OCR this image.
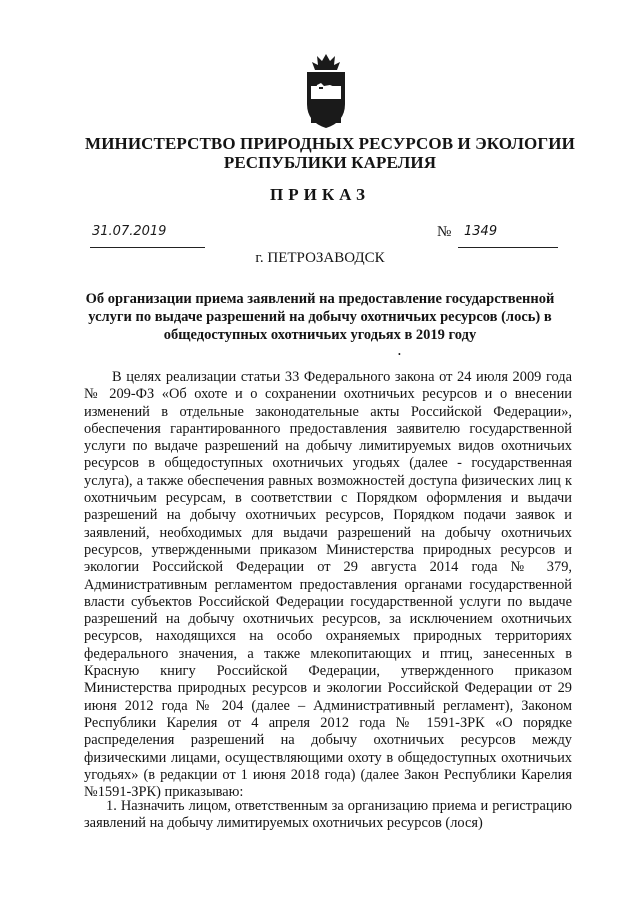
МИНИСТЕРСТВО ПРИРОДНЫХ РЕСУРСОВ И ЭКОЛОГИИ
РЕСПУБЛИКИ КАРЕЛИЯ
ПРИКАЗ
31.07.2019	№ 1349
г. ПЕТРОЗАВОДСК
Об организации приема заявлений на предоставление государственной
услуги по выдаче разрешений на добычу охотничьих ресурсов (лось) в
общедоступных охотничьих угодьях в 2019 году
•

В целях реализации статьи 33 Федерального закона от 24 июля 2009 года № 209-ФЗ «Об охоте и о сохранении охотничьих ресурсов и о внесении изменений в отдельные законодательные акты Российской Федерации», обеспечения гарантированного предоставления заявителю государственной услуги по выдаче разрешений на добычу лимитируемых видов охотничьих ресурсов в общедоступных охотничьих угодьях (далее - государственная услуга), а также обеспечения равных возможностей доступа физических лиц к охотничьим ресурсам, в соответствии с Порядком оформления и выдачи разрешений на добычу охотничьих ресурсов, Порядком подачи заявок и заявлений, необходимых для выдачи разрешений на добычу охотничьих ресурсов, утвержденными приказом Министерства природных ресурсов и экологии Российской Федерации от 29 августа 2014 года № 379, Административным регламентом предоставления органами государственной власти субъектов Российской Федерации государственной услуги по выдаче разрешений на добычу охотничьих ресурсов, за исключением охотничьих ресурсов, находящихся на особо охраняемых природных территориях федерального значения, а также млекопитающих и птиц, занесенных в Красную книгу Российской Федерации, утвержденного приказом Министерства природных ресурсов и экологии Российской Федерации от 29 июня 2012 года № 204 (далее – Административный регламент), Законом Республики Карелия от 4 апреля 2012 года № 1591-ЗРК «О порядке распределения разрешений на добычу охотничьих ресурсов между физическими лицами, осуществляющими охоту в общедоступных охотничьих угодьях» (в редакции от 1 июня 2018 года) (далее Закон Республики Карелия №1591-ЗРК) приказываю:

1. Назначить лицом, ответственным за организацию приема и регистрацию заявлений на добычу лимитируемых охотничьих ресурсов (лося)
